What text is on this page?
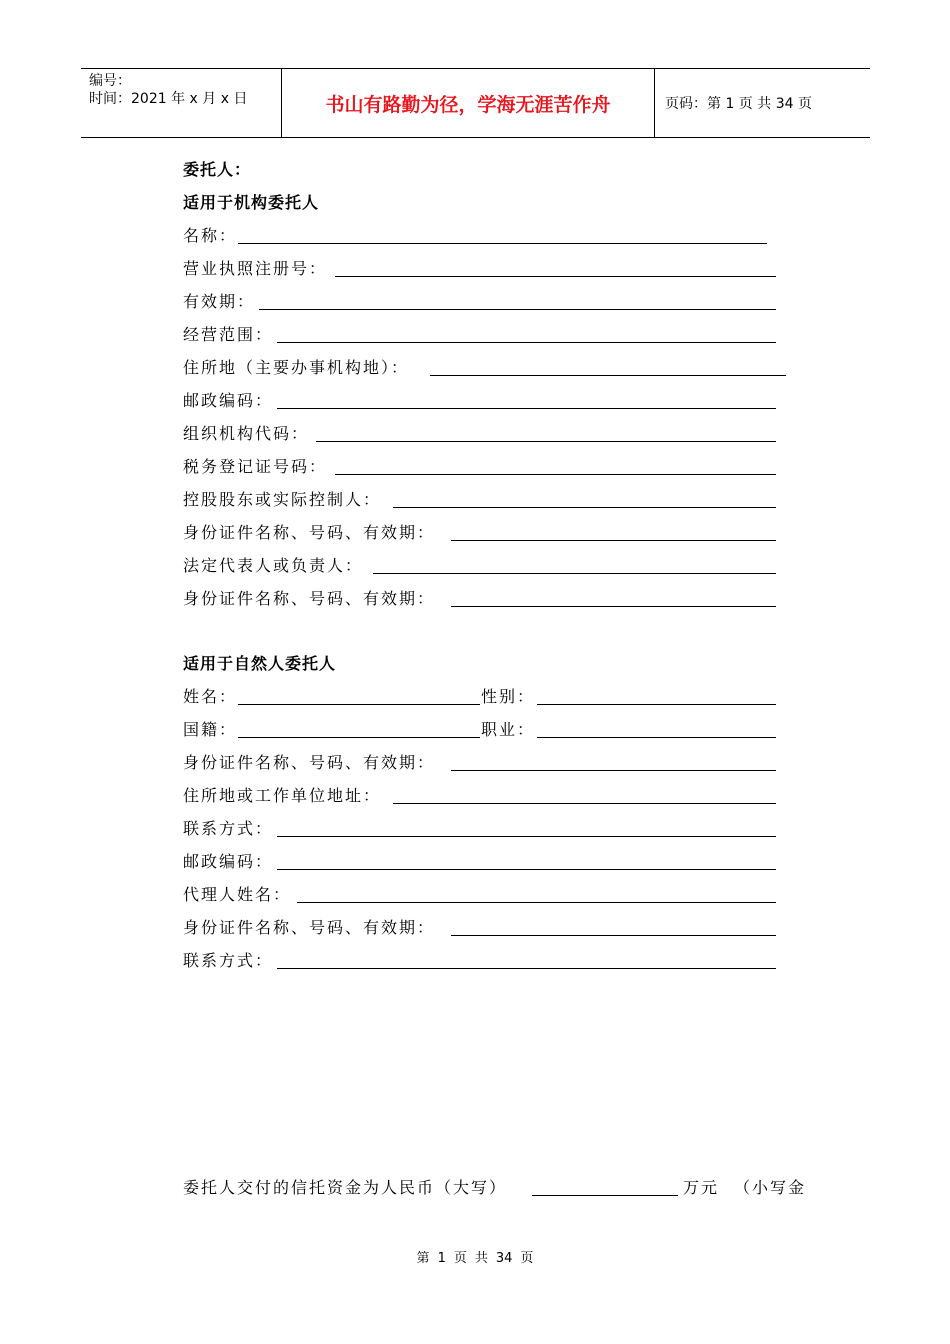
编号：
时间：2021 年 x 月 x 日	书山有路勤为径，学海无涯苦作舟	页码：第 1 页 共 34 页
委托人：
适用于机构委托人
名称：
营业执照注册号：
有效期：
经营范围：
住所地（主要办事机构地）：
邮政编码：
组织机构代码：
税务登记证号码：
控股股东或实际控制人：
身份证件名称、号码、有效期：
法定代表人或负责人：
身份证件名称、号码、有效期：
适用于自然人委托人
姓名：	性别：
国籍：	职业：
身份证件名称、号码、有效期：
住所地或工作单位地址：
联系方式：
邮政编码：
代理人姓名：
身份证件名称、号码、有效期：
联系方式：
委托人交付的信托资金为人民币（大写）	万元 （小写金
第 1 页 共 34 页
